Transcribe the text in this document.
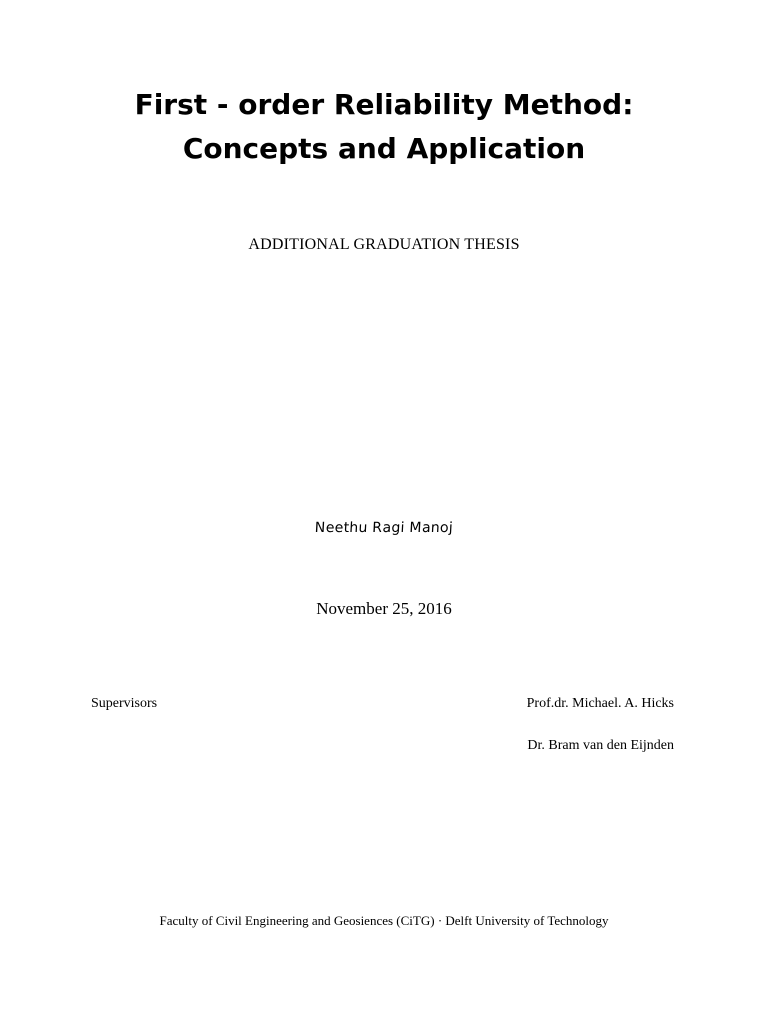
First - order Reliability Method:
Concepts and Application
ADDITIONAL GRADUATION THESIS
Neethu Ragi Manoj
November 25, 2016
Supervisors	Prof.dr. Michael. A. Hicks
Dr. Bram van den Eijnden
Faculty of Civil Engineering and Geosiences (CiTG) · Delft University of Technology
